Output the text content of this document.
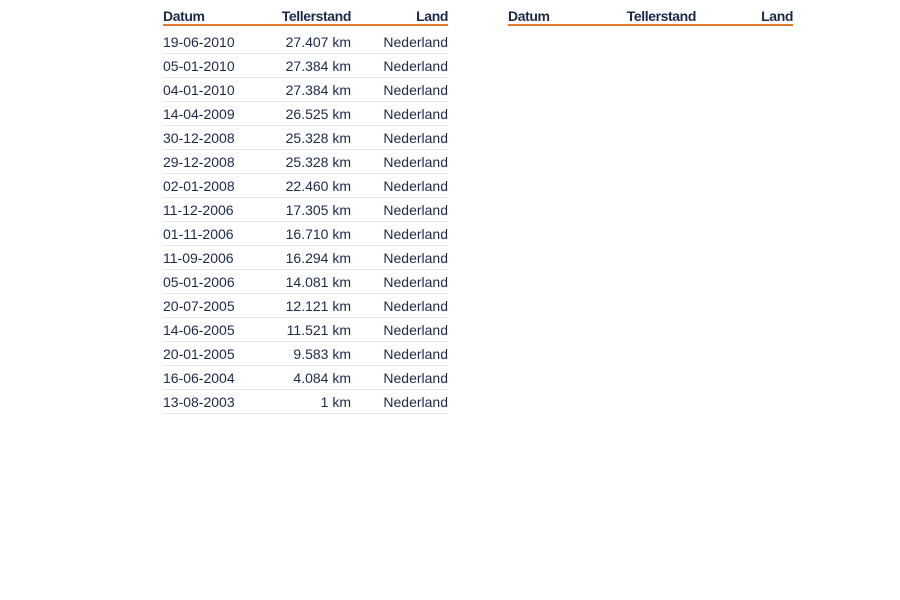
Datum	Tellerstand	Land
19-06-2010	27.407 km	Nederland
05-01-2010	27.384 km	Nederland
04-01-2010	27.384 km	Nederland
14-04-2009	26.525 km	Nederland
30-12-2008	25.328 km	Nederland
29-12-2008	25.328 km	Nederland
02-01-2008	22.460 km	Nederland
11-12-2006	17.305 km	Nederland
01-11-2006	16.710 km	Nederland
11-09-2006	16.294 km	Nederland
05-01-2006	14.081 km	Nederland
20-07-2005	12.121 km	Nederland
14-06-2005	11.521 km	Nederland
20-01-2005	9.583 km	Nederland
16-06-2004	4.084 km	Nederland
13-08-2003	1 km	Nederland
Datum	Tellerstand	Land
